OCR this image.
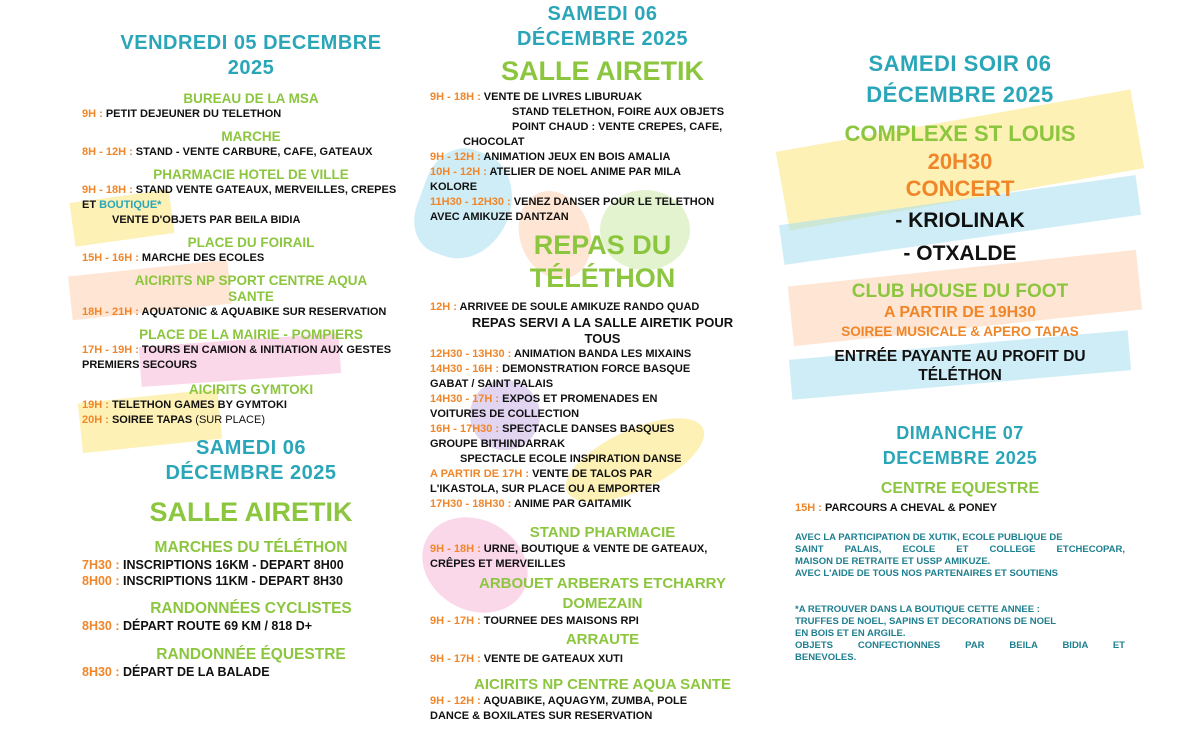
VENDREDI 05 DECEMBRE
2025
BUREAU DE LA MSA
9H : PETIT DEJEUNER DU TELETHON
MARCHE
8H - 12H : STAND - VENTE CARBURE, CAFE, GATEAUX
PHARMACIE HOTEL DE VILLE
9H - 18H : STAND VENTE GATEAUX, MERVEILLES, CREPES
ET BOUTIQUE*
VENTE D'OBJETS PAR BEILA BIDIA
PLACE DU FOIRAIL
15H - 16H : MARCHE DES ECOLES
AICIRITS NP SPORT CENTRE AQUA
SANTE
18H - 21H : AQUATONIC & AQUABIKE SUR RESERVATION
PLACE DE LA MAIRIE - POMPIERS
17H - 19H : TOURS EN CAMION & INITIATION AUX GESTES
PREMIERS SECOURS
AICIRITS GYMTOKI
19H : TELETHON GAMES BY GYMTOKI
20H : SOIREE TAPAS (SUR PLACE)
SAMEDI 06
DÉCEMBRE 2025
SALLE AIRETIK
MARCHES DU TÉLÉTHON
7H30 : INSCRIPTIONS 16KM - DEPART 8H00
8H00 : INSCRIPTIONS 11KM - DEPART 8H30
RANDONNÉES CYCLISTES
8H30 : DÉPART ROUTE 69 KM / 818 D+
RANDONNÉE ÉQUESTRE
8H30 : DÉPART DE LA BALADE
SAMEDI 06
DÉCEMBRE 2025
SALLE AIRETIK
9H - 18H : VENTE DE LIVRES LIBURUAK
STAND TELETHON, FOIRE AUX OBJETS
POINT CHAUD : VENTE CREPES, CAFE,
CHOCOLAT
9H - 12H : ANIMATION JEUX EN BOIS AMALIA
10H - 12H : ATELIER DE NOEL ANIME PAR MILA
KOLORE
11H30 - 12H30 : VENEZ DANSER POUR LE TELETHON
AVEC AMIKUZE DANTZAN
REPAS DU
TÉLÉTHON
12H : ARRIVEE DE SOULE AMIKUZE RANDO QUAD
REPAS SERVI A LA SALLE AIRETIK POUR
TOUS
12H30 - 13H30 : ANIMATION BANDA LES MIXAINS
14H30 - 16H : DEMONSTRATION FORCE BASQUE
GABAT / SAINT PALAIS
14H30 - 17H : EXPOS ET PROMENADES EN
VOITURES DE COLLECTION
16H - 17H30 : SPECTACLE DANSES BASQUES
GROUPE BITHINDARRAK
SPECTACLE ECOLE INSPIRATION DANSE
A PARTIR DE 17H : VENTE DE TALOS PAR
L'IKASTOLA, SUR PLACE OU A EMPORTER
17H30 - 18H30 : ANIME PAR GAITAMIK
STAND PHARMACIE
9H - 18H : URNE, BOUTIQUE & VENTE DE GATEAUX,
CRÊPES ET MERVEILLES
ARBOUET ARBERATS ETCHARRY
DOMEZAIN
9H - 17H : TOURNEE DES MAISONS RPI
ARRAUTE
9H - 17H : VENTE DE GATEAUX XUTI
AICIRITS NP CENTRE AQUA SANTE
9H - 12H : AQUABIKE, AQUAGYM, ZUMBA, POLE
DANCE & BOXILATES SUR RESERVATION
SAMEDI SOIR 06
DÉCEMBRE 2025
COMPLEXE ST LOUIS
20H30
CONCERT
- KRIOLINAK
- OTXALDE
CLUB HOUSE DU FOOT
A PARTIR DE 19H30
SOIREE MUSICALE & APERO TAPAS
ENTRÉE PAYANTE AU PROFIT DU
TÉLÉTHON
DIMANCHE 07
DECEMBRE 2025
CENTRE EQUESTRE
15H : PARCOURS A CHEVAL & PONEY
AVEC LA PARTICIPATION DE XUTIK, ECOLE PUBLIQUE DE
SAINT PALAIS, ECOLE ET COLLEGE ETCHECOPAR,
MAISON DE RETRAITE ET USSP AMIKUZE.
AVEC L'AIDE DE TOUS NOS PARTENAIRES ET SOUTIENS
*A RETROUVER DANS LA BOUTIQUE CETTE ANNEE :
TRUFFES DE NOEL, SAPINS ET DECORATIONS DE NOEL
EN BOIS ET EN ARGILE.
OBJETS CONFECTIONNES PAR BEILA BIDIA ET
BENEVOLES.
